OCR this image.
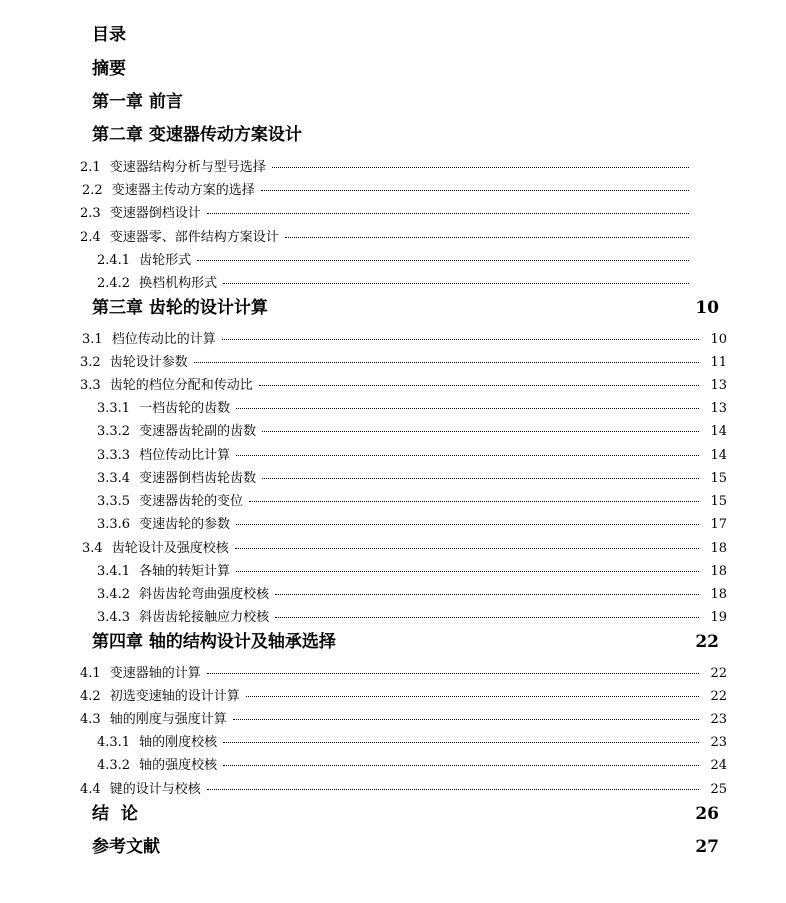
目录
摘要
第一章 前言
第二章 变速器传动方案设计
2.1 变速器结构分析与型号选择
2.2 变速器主传动方案的选择
2.3 变速器倒档设计
2.4 变速器零、部件结构方案设计
2.4.1 齿轮形式
2.4.2 换档机构形式
第三章 齿轮的设计计算	10
3.1 档位传动比的计算	10
3.2 齿轮设计参数	11
3.3 齿轮的档位分配和传动比	13
3.3.1 一档齿轮的齿数	13
3.3.2 变速器齿轮副的齿数	14
3.3.3 档位传动比计算	14
3.3.4 变速器倒档齿轮齿数	15
3.3.5 变速器齿轮的变位	15
3.3.6 变速齿轮的参数	17
3.4 齿轮设计及强度校核	18
3.4.1 各轴的转矩计算	18
3.4.2 斜齿齿轮弯曲强度校核	18
3.4.3 斜齿齿轮接触应力校核	19
第四章 轴的结构设计及轴承选择	22
4.1 变速器轴的计算	22
4.2 初选变速轴的设计计算	22
4.3 轴的刚度与强度计算	23
4.3.1 轴的刚度校核	23
4.3.2 轴的强度校核	24
4.4 键的设计与校核	25
结  论	26
参考文献	27
